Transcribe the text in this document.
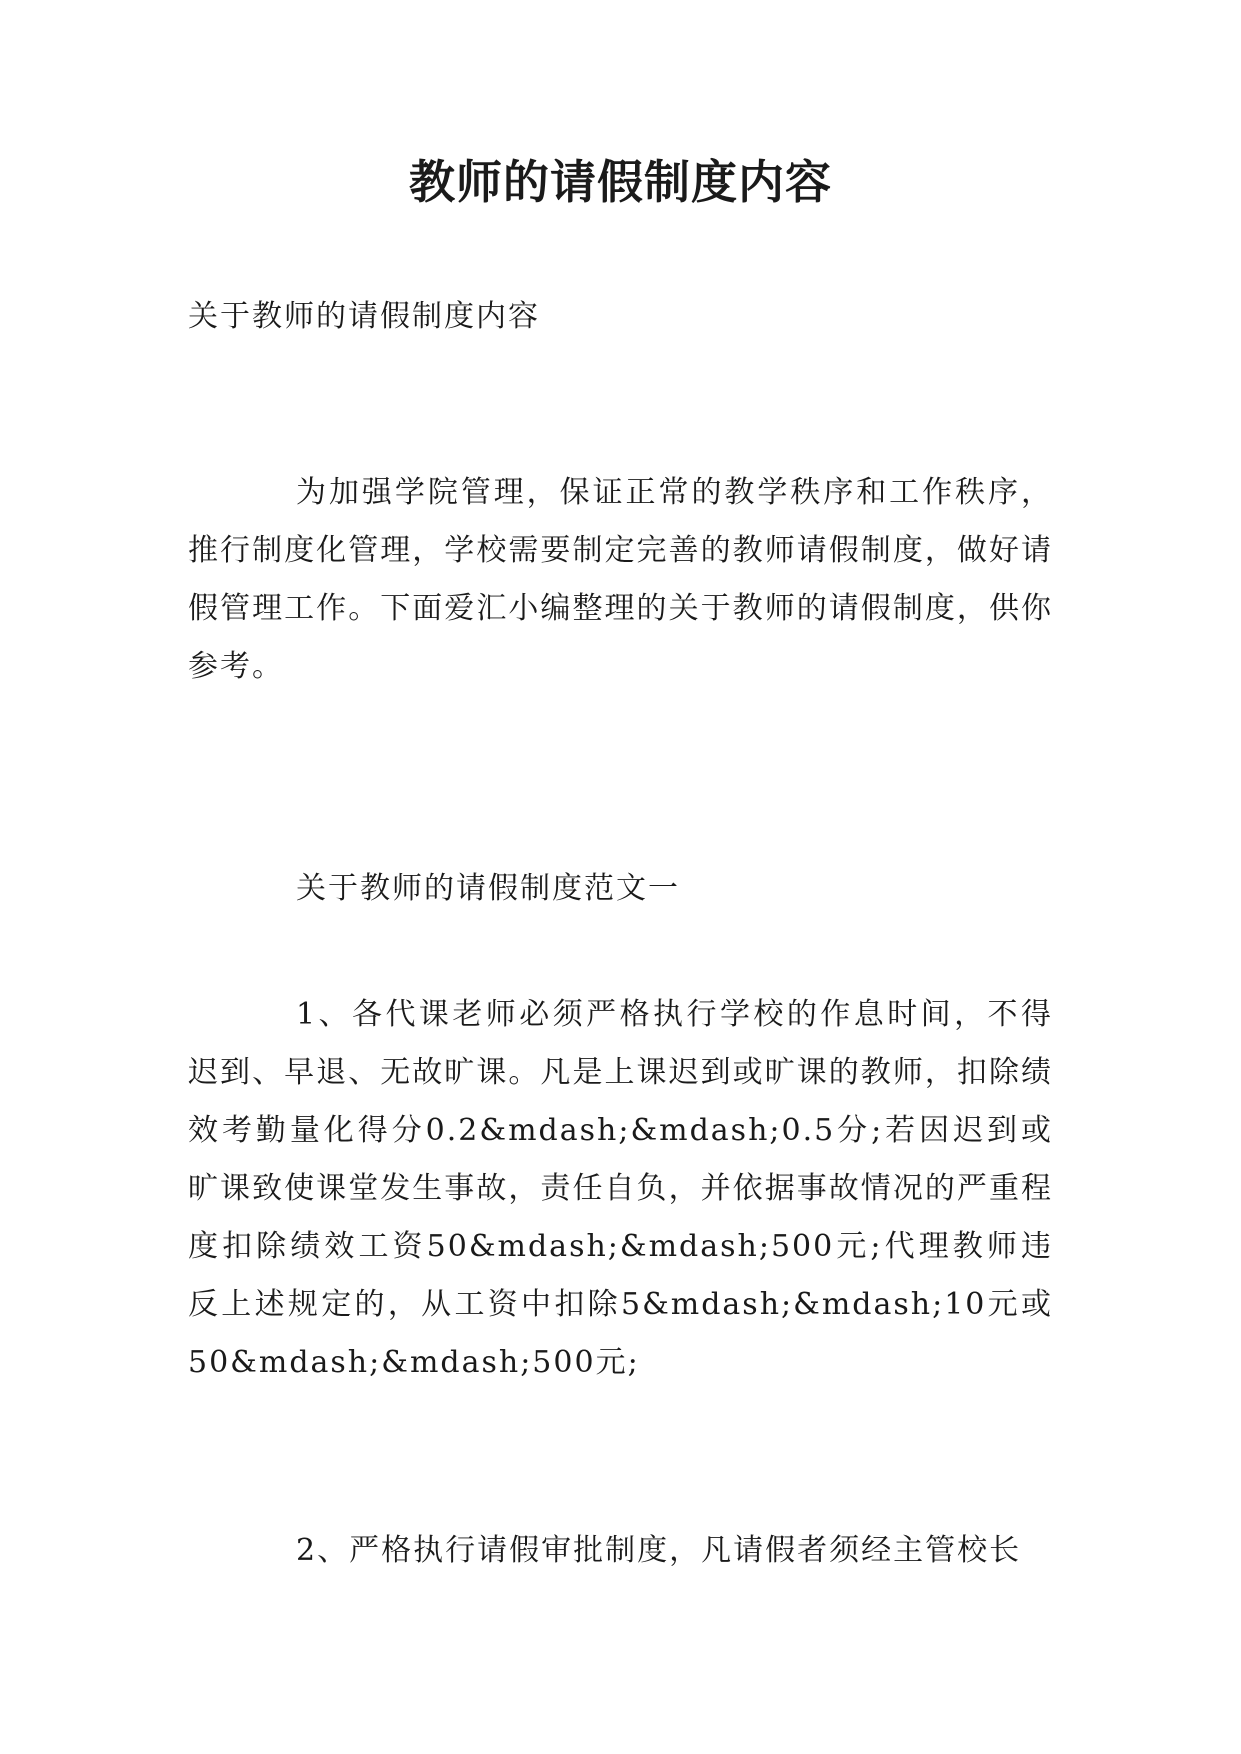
教师的请假制度内容
关于教师的请假制度内容
为加强学院管理，保证正常的教学秩序和工作秩序，推行制度化管理，学校需要制定完善的教师请假制度，做好请假管理工作。下面爱汇小编整理的关于教师的请假制度，供你参考。
关于教师的请假制度范文一
1、各代课老师必须严格执行学校的作息时间，不得迟到、早退、无故旷课。凡是上课迟到或旷课的教师，扣除绩效考勤量化得分0.2&mdash;&mdash;0.5分;若因迟到或旷课致使课堂发生事故，责任自负，并依据事故情况的严重程度扣除绩效工资50&mdash;&mdash;500元;代理教师违反上述规定的，从工资中扣除5&mdash;&mdash;10元或50&mdash;&mdash;500元;
2、严格执行请假审批制度，凡请假者须经主管校长
